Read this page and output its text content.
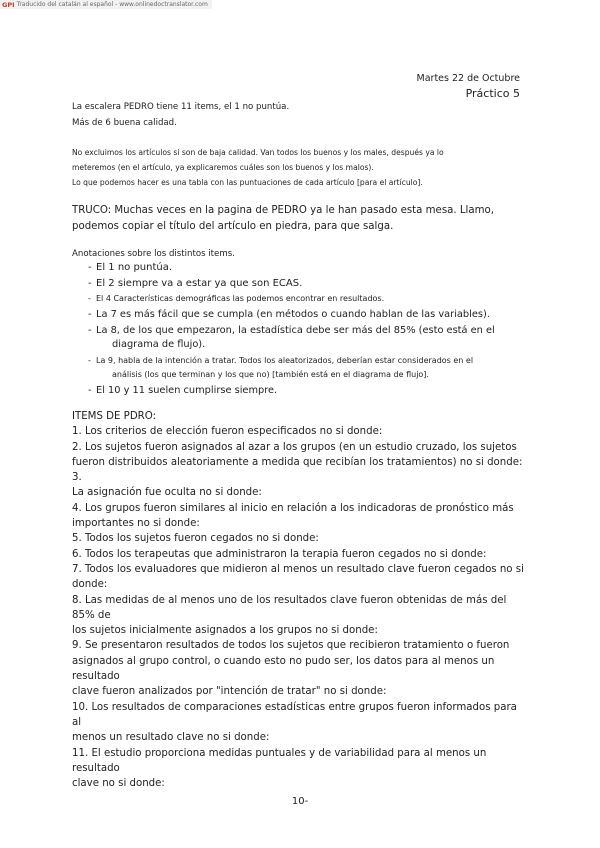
GPI Traducido del catalán al español - www.onlinedoctranslator.com
Martes 22 de Octubre
Práctico 5
La escalera PEDRO tiene 11 items, el 1 no puntúa.
Más de 6 buena calidad.
No excluimos los artículos si son de baja calidad. Van todos los buenos y los males, después ya lo
meteremos (en el artículo, ya explicaremos cuáles son los buenos y los malos).
Lo que podemos hacer es una tabla con las puntuaciones de cada artículo [para el artículo].
TRUCO: Muchas veces en la pagina de PEDRO ya le han pasado esta mesa. Llamo,
podemos copiar el título del artículo en piedra, para que salga.
Anotaciones sobre los distintos items.
- El 1 no puntúa.
- El 2 siempre va a estar ya que son ECAS.
- El 4 Características demográficas las podemos encontrar en resultados.
- La 7 es más fácil que se cumpla (en métodos o cuando hablan de las variables).
- La 8, de los que empezaron, la estadística debe ser más del 85% (esto está en el
diagrama de flujo).
- La 9, habla de la intención a tratar. Todos los aleatorizados, deberían estar considerados en el
análisis (los que terminan y los que no) [también está en el diagrama de flujo].
- El 10 y 11 suelen cumplirse siempre.
ITEMS DE PDRO:
1. Los criterios de elección fueron especificados no si donde:
2. Los sujetos fueron asignados al azar a los grupos (en un estudio cruzado, los sujetos
fueron distribuidos aleatoriamente a medida que recibían los tratamientos) no si donde: 3.
La asignación fue oculta no si donde:
4. Los grupos fueron similares al inicio en relación a los indicadoras de pronóstico más
importantes no si donde:
5. Todos los sujetos fueron cegados no si donde:
6. Todos los terapeutas que administraron la terapia fueron cegados no si donde:
7. Todos los evaluadores que midieron al menos un resultado clave fueron cegados no si
donde:
8. Las medidas de al menos uno de los resultados clave fueron obtenidas de más del 85% de
los sujetos inicialmente asignados a los grupos no si donde:
9. Se presentaron resultados de todos los sujetos que recibieron tratamiento o fueron
asignados al grupo control, o cuando esto no pudo ser, los datos para al menos un resultado
clave fueron analizados por "intención de tratar" no si donde:
10. Los resultados de comparaciones estadísticas entre grupos fueron informados para al
menos un resultado clave no si donde:
11. El estudio proporciona medidas puntuales y de variabilidad para al menos un resultado
clave no si donde:
10-
